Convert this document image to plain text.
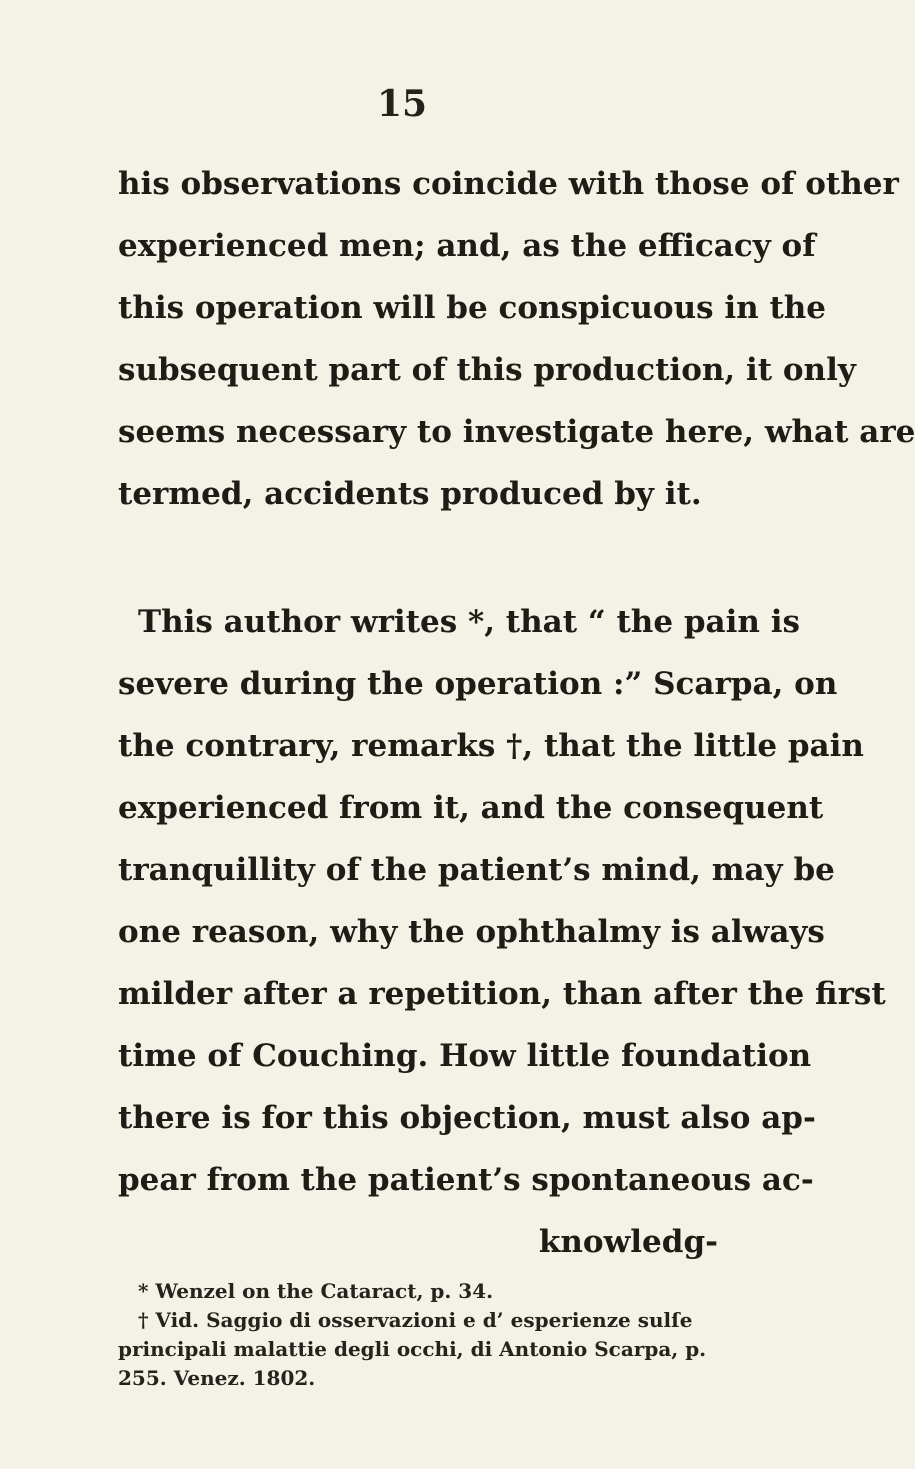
15
his observations coincide with those of other
experienced men; and, as the efficacy of
this operation will be conspicuous in the
subsequent part of this production, it only
seems necessary to investigate here, what are
termed, accidents produced by it.
This author writes *, that “ the pain is
severe during the operation :” Scarpa, on
the contrary, remarks †, that the little pain
experienced from it, and the consequent
tranquillity of the patient’s mind, may be
one reason, why the ophthalmy is always
milder after a repetition, than after the first
time of Couching. How little foundation
there is for this objection, must also ap-
pear from the patient’s spontaneous ac-
knowledg-
* Wenzel on the Cataract, p. 34.
† Vid. Saggio di osservazioni e d’ esperienze sulſe
principali malattie degli occhi, di Antonio Scarpa, p.
255. Venez. 1802.
